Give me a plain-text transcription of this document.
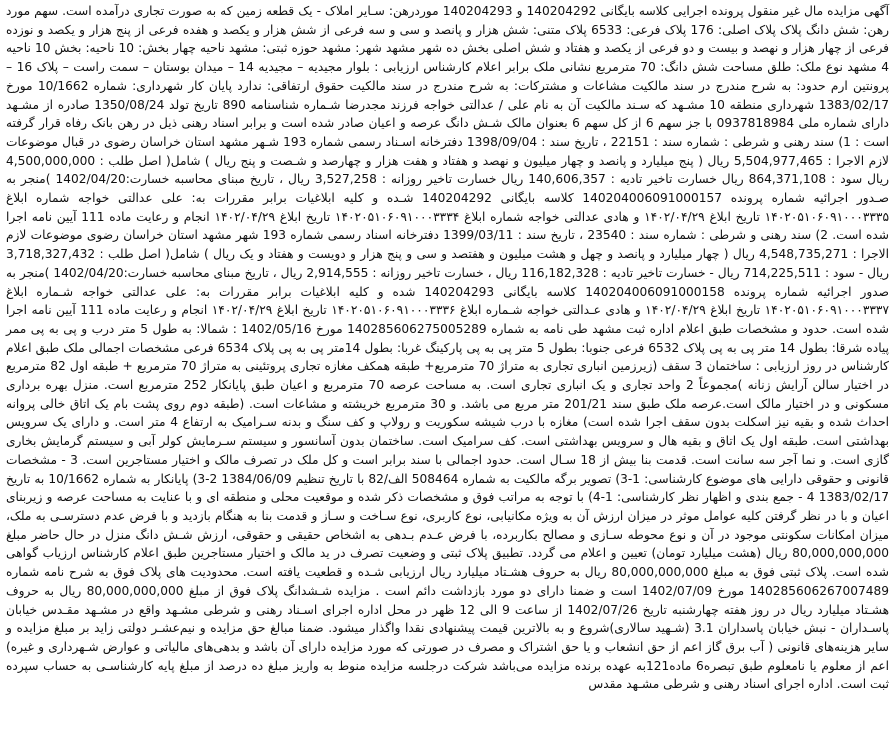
آگهی مزایده مال غیر منقول پرونده اجرایی کلاسه بایگانی 140204292 و 140204293 موردرهن: سـایر املاک - یک قطعه زمین که به صورت تجاری درآمده است. سهم مورد رهن: شش دانگ پلاک پلاک اصلی: 176 پلاک فرعی: 6533 پلاک متنی: شش هزار و پانصد و سی و سه فرعی از شش هزار و یکصد و هفده فرعی از پنج هزار و یکصد و نوزده فرعی از چهار هزار و نهصد و بیست و دو فرعی از یکصد و هفتاد و شش اصلی بخش ده شهر مشهد شهر: مشهد حوزه ثبتی: مشهد ناحیه چهار بخش: 10 ناحیه: بخش 10 ناحیه 4 مشهد نوع ملک: طلق مساحت شش دانگ: 70 مترمربع نشانی ملک برابر اعلام کارشناس ارزیابی : بلوار مجیدیه – مجیدیه 14 – میدان بوستان – سمت راست – پلاک 16 – پرونتین ارم حدود: به شرح مندرج در سند مالکیت مشاعات و مشترکات: به شرح مندرج در سند مالکیت حقوق ارتفاقی: ندارد پایان کار شهرداری: شماره 10/1662 مورخ 1383/02/17 شهرداری منطقه 10 مشـهد که سـند مالکیت آن به نام علی / عدالتی خواجه فرزند مجدرضا شـماره شناسنامه 890 تاریخ تولد 1350/08/24 صادره از مشـهد دارای شماره ملی 0937818984 با جز سهم 6 از کل سهم 6 بعنوان مالک شـش دانگ عرصه و اعیان صادر شده است و برابر اسناد رهنی ذیل در رهن بانک رفاه قرار گرفته است : 1) سند رهنی و شرطی : شماره سند : 22151 ، تاریخ سند : 1398/09/04 دفترخانه اسـناد رسمی شماره 193 شـهر مشهد استان خراسان رضوی در قبال موضوعات لازم الاجرا : 5,504,977,465 ریال ( پنج میلیارد و پانصد و چهار میلیون و نهصد و هفتاد و هفت هزار و چهارصد و شـصت و پنج ریال ) شامل( اصل طلب : 4,500,000,000 ریال سود : 864,371,108 ریال خسارت تاخیر تادیه : 140,606,357 ریال خسارت تاخیر روزانه : 3,527,258 ریال ، تاریخ مبنای محاسبه خسارت:1402/04/20 )منجر به صـدور اجرائیه شماره پرونده 140204006091000157 کلاسه بایگانی 140204292 شـده و کلیه ابلاغیات برابر مقررات به: علی عدالتی خواجه شماره ابلاغ ۱۴۰۲۰۵۱۰۶۰۹۱۰۰۰۳۳۳۵ تاریخ ابلاغ ۱۴۰۲/۰۴/۲۹ و هادی عدالتی خواجه شماره ابلاغ ۱۴۰۲۰۵۱۰۶۰۹۱۰۰۰۳۳۳۴ تاریخ ابلاغ ۱۴۰۲/۰۴/۲۹ انجام و رعایت ماده 111 آیین نامه اجرا شده است. 2) سند رهنی و شرطی : شماره سند : 23540 ، تاریخ سند : 1399/03/11 دفترخانه اسناد رسمی شماره 193 شهر مشهد استان خراسان رضوی موضوعات لازم الاجرا : 4,548,735,271 ریال ( چهار میلیارد و پانصد و چهل و هشت میلیون و هفتصد و سی و پنج هزار و دویست و هفتاد و یک ریال ) شامل( اصل طلب : 3,718,327,432 ریال - سود : 714,225,511 ریال - خسارت تاخیر تادیه : 116,182,328 ریال ، خسارت تاخیر روزانه : 2,914,555 ریال ، تاریخ مبنای محاسبه خسارت:1402/04/20 )منجر به صدور اجرائیه شماره پرونده 140204006091000158 کلاسه بایگانی 140204293 شده و کلیه ابلاغیات برابر مقررات به: علی عدالتی خواجه شـماره ابلاغ ۱۴۰۲۰۵۱۰۶۰۹۱۰۰۰۳۳۳۷ تاریخ ابلاغ ۱۴۰۲/۰۴/۲۹ و هادی عـدالتی خواجه شـماره ابلاغ ۱۴۰۲۰۵۱۰۶۰۹۱۰۰۰۳۳۳۶ تاریخ ابلاغ ۱۴۰۲/۰۴/۲۹ انجام و رعایت ماده 111 آیین نامه اجرا شده است. حدود و مشخصات طبق اعلام اداره ثبت مشهد طی نامه به شماره 140285606275005289 مورخ 1402/05/16 : شمالا: به طول 5 متر درب و پی به پی ممر پیاده شرقا: بطول 14 متر پی به پی پلاک 6532 فرعی جنوبا: بطول 5 متر پی به پی پارکینگ غربا: بطول 14متر پی به پی پلاک 6534 فرعی مشخصات اجمالی ملک طبق اعلام کارشناس در روز ارزیابی : ساختمان 3 سقف (زیرزمین انباری تجاری به متراژ 70 مترمربع+ طبقه همکف مغازه تجاری پروتئینی به متراژ 70 مترمربع + طبقه اول 82 مترمربع در اختیار سالن آرایش زنانه )مجموعاً 2 واحد تجاری و یک انباری تجاری است. به مساحت عرصه 70 مترمربع و اعیان طبق پایانکار 252 مترمربع است. منزل بهره برداری مسکونی و در اختیار مالک است.عرصه ملک طبق سند 201/21 متر مربع می باشد. و 30 مترمربع خریشته و مشاعات است. (طبقه دوم روی پشت بام یک اتاق خالی پروانه احداث شده و بقیه نیز اسکلت بدون سقف اجرا شده است) مغازه با درب شیشه سکوریت و رولاپ و کف سنگ و بدنه سـرامیک به ارتفاع 4 متر است. و دارای یک سرویس بهداشتی است. طبقه اول یک اتاق و بقیه هال و سرویس بهداشتی است. کف سرامیک است. ساختمان بدون آسانسور و سیستم سـرمایش کولر آبی و سیستم گرمایش بخاری گازی است. و نما آجر سه سانت است. قدمت بنا بیش از 18 سـال است. حدود اجمالی با سند برابر است و کل ملک در تصرف مالک و اختیار مستاجرین است. 3 - مشخصات قانونی و حقوقی دارایی های موضوع کارشناسی: 1-3) تصویر برگه مالکیت به شماره 508464 الف/82 با تاریخ تنظیم 1384/06/09 2-3) پایانکار به شماره 10/1662 به تاریخ 1383/02/17 4 - جمع بندی و اظهار نظر کارشناسی: 1-4) با توجه به مراتب فوق و مشخصات ذکر شده و موقعیت محلی و منطقه ای و با عنایت به مساحت عرصه و زیربنای اعیان و با در نظر گرفتن کلیه عوامل موثر در میزان ارزش آن به ویژه مکانیابی، نوع کاربری، نوع سـاخت و سـاز و قدمت بنا به هنگام بازدید و با فرض عدم دسترسـی به ملک، میزان امکانات سکونتی موجود در آن و نوع محوطه سـازی و مصالح بکاربرده، با فرض عـدم بـدهی به اشخاص حقیقی و حقوقی، ارزش شـش دانگ منزل در حال حاضر مبلغ 80,000,000,000 ریال (هشت میلیارد تومان) تعیین و اعلام می گردد. تطبیق پلاک ثبتی و وضعیت تصرف در ید مالک و اختیار مستاجرین طبق اعلام کارشناس ارزیاب گواهی شده است. پلاک ثبتی فوق به مبلغ 80,000,000,000 ریال به حروف هشـتاد میلیارد ریال ارزیابی شـده و قطعیت یافته است. محدودیت های پلاک فوق به شرح نامه شماره 140285606267007489 مورخ 1402/07/09 است و ضمنا دارای دو مورد بازداشت دائم است . مزایده شـشدانگ پلاک فوق از مبلغ 80,000,000,000 ریال به حروف هشـتاد میلیارد ریال در روز هفته چهارشنبه تاریخ 1402/07/26 از ساعت 9 الی 12 ظهر در محل اداره اجرای اسـناد رهنی و شرطی مشـهد واقع در مشـهد مقـدس خیابان پاسـداران - نبش خیابان پاسداران 3.1 (شـهید سالاری)شروع و به بالاترین قیمت پیشنهادی نقدا واگذار میشود. ضمنا مبالغ حق مزایده و نیم‌عشـر دولتی زاید بر مبلغ مزایده و سایر هزینه‌های قانونی ( آب برق گاز اعم از حق انشعاب و یا حق اشتراک و مصرف در صورتی که مورد مزایده دارای آن باشد و بدهی‌های مالیاتی و عوارض شـهرداری و غیره) اعم از معلوم یا نامعلوم طبق تبصره6 ماده121به عهده برنده مزایده می‌باشد شرکت درجلسه مزایده منوط به واریز مبلغ ده درصد از مبلغ پایه کارشناسـی به حساب سپرده ثبت است. اداره اجرای اسناد رهنی و شرطی مشـهد مقدس
